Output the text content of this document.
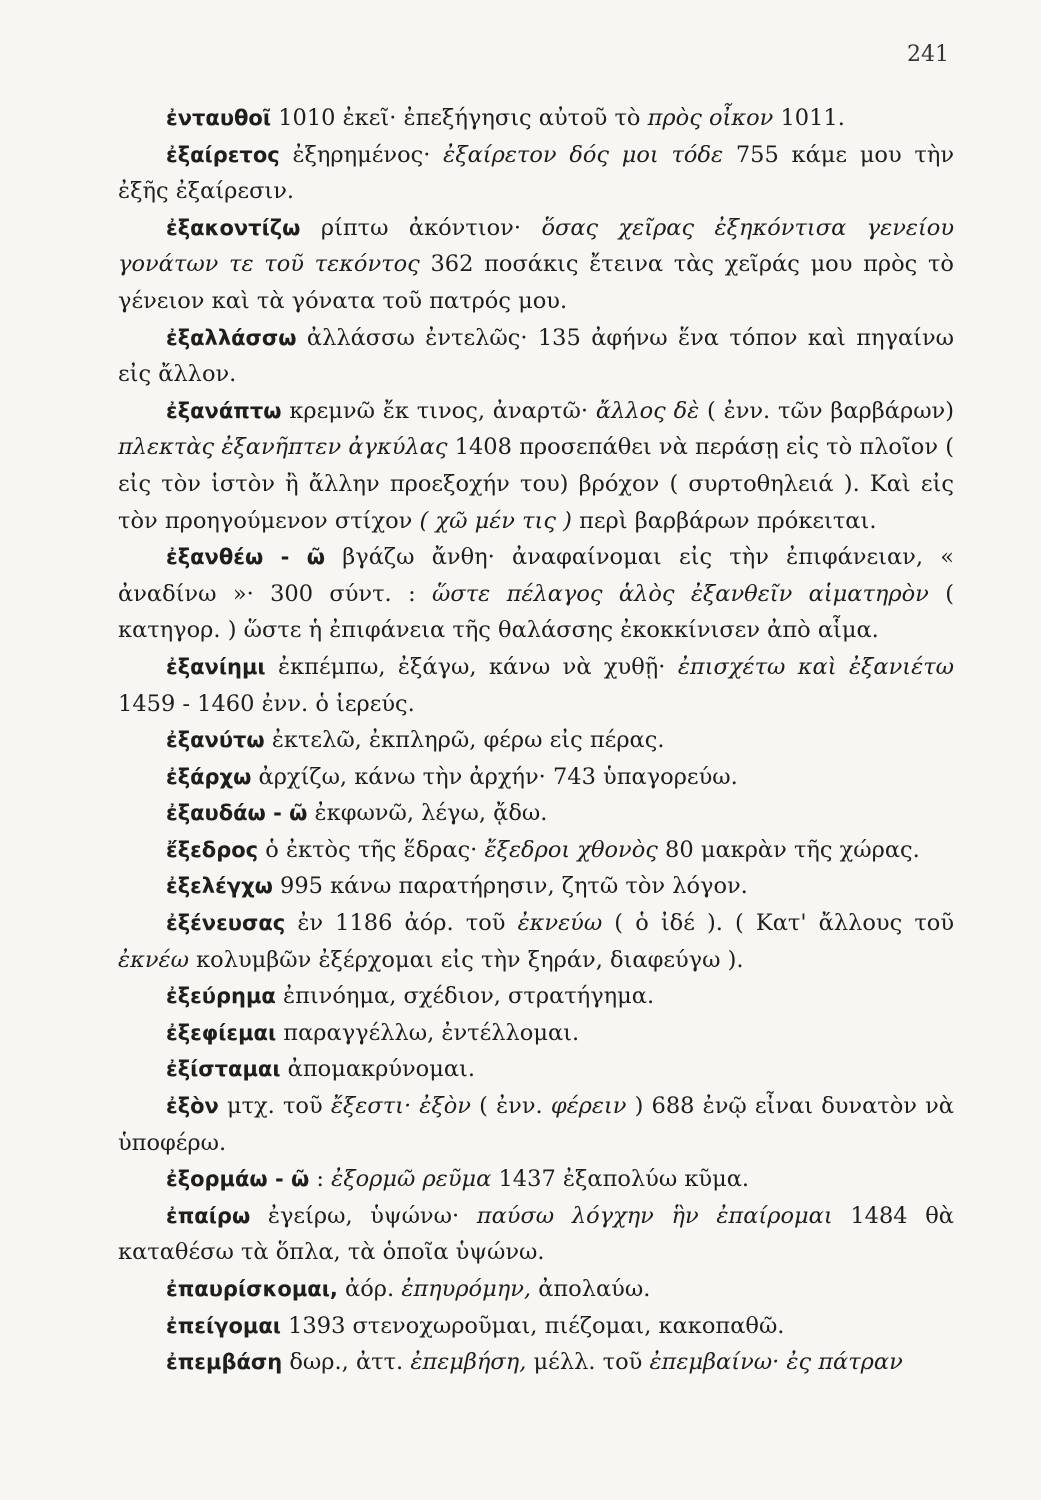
241

ἐνταυθοῖ 1010 ἐκεῖ· ἐπεξήγησις αὐτοῦ τὸ πρὸς οἶκον 1011.

ἐξαίρετος ἐξηρημένος· ἐξαίρετον δός μοι τόδε 755 κάμε μου τὴν ἐξῆς ἐξαίρεσιν.

ἐξακοντίζω ρίπτω ἀκόντιον· ὅσας χεῖρας ἐξηκόντισα γενείου γονάτων τε τοῦ τεκόντος 362 ποσάκις ἔτεινα τὰς χεῖράς μου πρὸς τὸ γένειον καὶ τὰ γόνατα τοῦ πατρός μου.

ἐξαλλάσσω ἀλλάσσω ἐντελῶς· 135 ἀφήνω ἕνα τόπον καὶ πηγαίνω εἰς ἄλλον.

ἐξανάπτω κρεμνῶ ἔκ τινος, ἀναρτῶ· ἄλλος δὲ ( ἐνν. τῶν βαρβάρων) πλεκτὰς ἐξανῆπτεν ἀγκύλας 1408 προσεπάθει νὰ περάσῃ εἰς τὸ πλοῖον ( εἰς τὸν ἱστὸν ἢ ἄλλην προεξοχήν του) βρόχον ( συρτοθηλειά ). Καὶ εἰς τὸν προηγούμενον στίχον ( χῶ μέν τις ) περὶ βαρβάρων πρόκειται.

ἐξανθέω - ῶ βγάζω ἄνθη· ἀναφαίνομαι εἰς τὴν ἐπιφάνειαν, « ἀναδίνω »· 300 σύντ. : ὥστε πέλαγος ἁλὸς ἐξανθεῖν αἱματηρὸν ( κατηγορ. ) ὥστε ἡ ἐπιφάνεια τῆς θαλάσσης ἐκοκκίνισεν ἀπὸ αἷμα.

ἐξανίημι ἐκπέμπω, ἐξάγω, κάνω νὰ χυθῇ· ἐπισχέτω καὶ ἐξανιέτω 1459 - 1460 ἐνν. ὁ ἱερεύς.

ἐξανύτω ἐκτελῶ, ἐκπληρῶ, φέρω εἰς πέρας.

ἐξάρχω ἀρχίζω, κάνω τὴν ἀρχήν· 743 ὑπαγορεύω.

ἐξαυδάω - ῶ ἐκφωνῶ, λέγω, ᾄδω.

ἔξεδρος ὁ ἐκτὸς τῆς ἕδρας· ἔξεδροι χθονὸς 80 μακρὰν τῆς χώρας.

ἐξελέγχω 995 κάνω παρατήρησιν, ζητῶ τὸν λόγον.

ἐξένευσας ἐν 1186 ἀόρ. τοῦ ἐκνεύω ( ὁ ἰδέ ). ( Κατ' ἄλλους τοῦ ἐκνέω κολυμβῶν ἐξέρχομαι εἰς τὴν ξηράν, διαφεύγω ).

ἐξεύρημα ἐπινόημα, σχέδιον, στρατήγημα.

ἐξεφίεμαι παραγγέλλω, ἐντέλλομαι.

ἐξίσταμαι ἀπομακρύνομαι.

ἐξὸν μτχ. τοῦ ἔξεστι· ἐξὸν ( ἐνν. φέρειν ) 688 ἐνῷ εἶναι δυνατὸν νὰ ὑποφέρω.

ἐξορμάω - ῶ : ἐξορμῶ ρεῦμα 1437 ἐξαπολύω κῦμα.

ἐπαίρω ἐγείρω, ὑψώνω· παύσω λόγχην ἣν ἐπαίρομαι 1484 θὰ καταθέσω τὰ ὅπλα, τὰ ὁποῖα ὑψώνω.

ἐπαυρίσκομαι, ἀόρ. ἐπηυρόμην, ἀπολαύω.

ἐπείγομαι 1393 στενοχωροῦμαι, πιέζομαι, κακοπαθῶ.

ἐπεμβάση δωρ., ἀττ. ἐπεμβήση, μέλλ. τοῦ ἐπεμβαίνω· ἐς πάτραν
